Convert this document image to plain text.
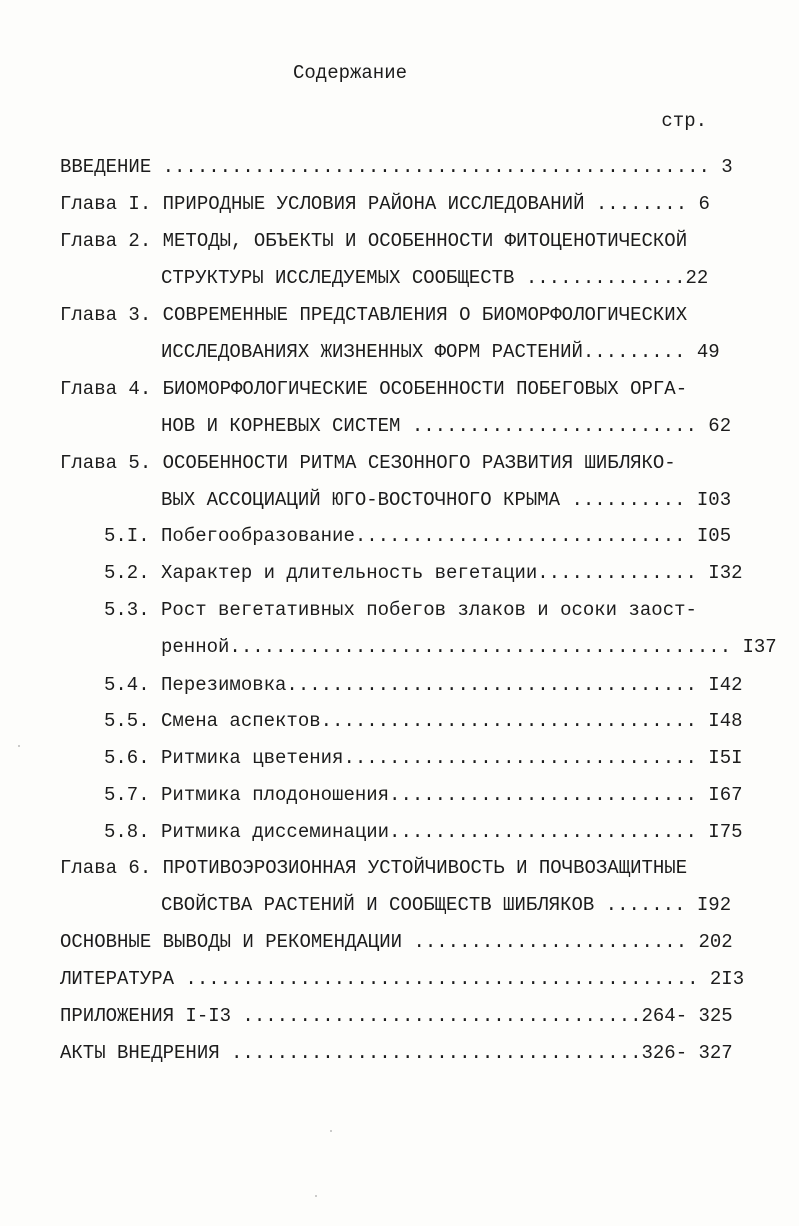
Содержание
стр.
ВВЕДЕНИЕ ................................................ 3
Глава I. ПРИРОДНЫЕ УСЛОВИЯ РАЙОНА ИССЛЕДОВАНИЙ ........ 6
Глава 2. МЕТОДЫ, ОБЪЕКТЫ И ОСОБЕННОСТИ ФИТОЦЕНОТИЧЕСКОЙ
СТРУКТУРЫ ИССЛЕДУЕМЫХ СООБЩЕСТВ ..............22
Глава 3. СОВРЕМЕННЫЕ ПРЕДСТАВЛЕНИЯ О БИОМОРФОЛОГИЧЕСКИХ
ИССЛЕДОВАНИЯХ ЖИЗНЕННЫХ ФОРМ РАСТЕНИЙ......... 49
Глава 4. БИОМОРФОЛОГИЧЕСКИЕ ОСОБЕННОСТИ ПОБЕГОВЫХ ОРГА-
НОВ И КОРНЕВЫХ СИСТЕМ ......................... 62
Глава 5. ОСОБЕННОСТИ РИТМА СЕЗОННОГО РАЗВИТИЯ ШИБЛЯКО-
ВЫХ АССОЦИАЦИЙ ЮГО-ВОСТОЧНОГО КРЫМА .......... I03
5.I. Побегообразование............................. I05
5.2. Характер и длительность вегетации.............. I32
5.3. Рост вегетативных побегов злаков и осоки заост-
ренной............................................ I37
5.4. Перезимовка.................................... I42
5.5. Смена аспектов................................. I48
5.6. Ритмика цветения............................... I5I
5.7. Ритмика плодоношения........................... I67
5.8. Ритмика диссеминации........................... I75
Глава 6. ПРОТИВОЭРОЗИОННАЯ УСТОЙЧИВОСТЬ И ПОЧВОЗАЩИТНЫЕ
СВОЙСТВА РАСТЕНИЙ И СООБЩЕСТВ ШИБЛЯКОВ ....... I92
ОСНОВНЫЕ ВЫВОДЫ И РЕКОМЕНДАЦИИ ........................ 202
ЛИТЕРАТУРА ............................................. 2I3
ПРИЛОЖЕНИЯ I-I3 ...................................264- 325
АКТЫ ВНЕДРЕНИЯ ....................................326- 327
